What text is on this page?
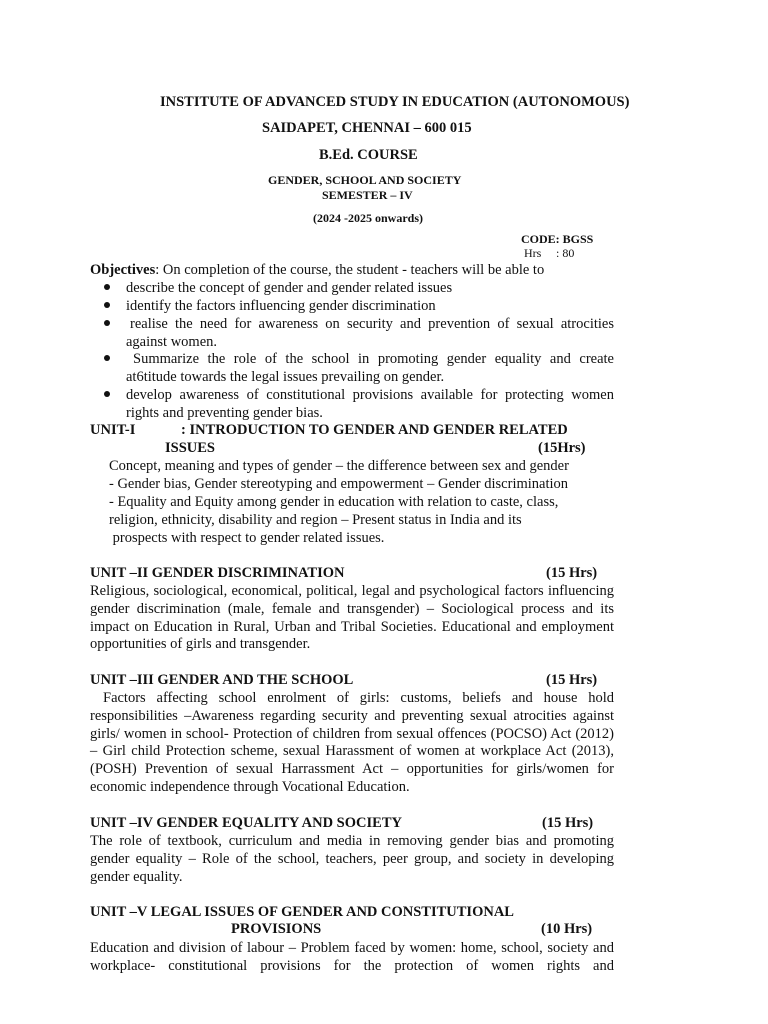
INSTITUTE OF ADVANCED STUDY IN EDUCATION (AUTONOMOUS)
SAIDAPET, CHENNAI – 600 015
B.Ed. COURSE
GENDER, SCHOOL AND SOCIETY
SEMESTER – IV
(2024 -2025 onwards)
CODE: BGSS
Hrs : 80
Objectives: On completion of the course, the student - teachers will be able to
describe the concept of gender and gender related issues
identify the factors influencing gender discrimination
realise the need for awareness on security and prevention of sexual atrocities against women.
Summarize the role of the school in promoting gender equality and create at6titude towards the legal issues prevailing on gender.
develop awareness of constitutional provisions available for protecting women rights and preventing gender bias.
UNIT-I	: INTRODUCTION TO GENDER AND GENDER RELATED
ISSUES	(15Hrs)
Concept, meaning and types of gender – the difference between sex and gender
- Gender bias, Gender stereotyping and empowerment – Gender discrimination
- Equality and Equity among gender in education with relation to caste, class,
religion, ethnicity, disability and region – Present status in India and its
prospects with respect to gender related issues.
UNIT –II GENDER DISCRIMINATION	(15 Hrs)
Religious, sociological, economical, political, legal and psychological factors influencing gender discrimination (male, female and transgender) – Sociological process and its impact on Education in Rural, Urban and Tribal Societies. Educational and employment opportunities of girls and transgender.
UNIT –III GENDER AND THE SCHOOL	(15 Hrs)
Factors affecting school enrolment of girls: customs, beliefs and house hold responsibilities –Awareness regarding security and preventing sexual atrocities against girls/ women in school- Protection of children from sexual offences (POCSO) Act (2012) – Girl child Protection scheme, sexual Harassment of women at workplace Act (2013), (POSH) Prevention of sexual Harrassment Act – opportunities for girls/women for economic independence through Vocational Education.
UNIT –IV GENDER EQUALITY AND SOCIETY	(15 Hrs)
The role of textbook, curriculum and media in removing gender bias and promoting gender equality – Role of the school, teachers, peer group, and society in developing gender equality.
UNIT –V LEGAL ISSUES OF GENDER AND CONSTITUTIONAL
PROVISIONS	(10 Hrs)
Education and division of labour – Problem faced by women: home, school, society and workplace- constitutional provisions for the protection of women rights and
